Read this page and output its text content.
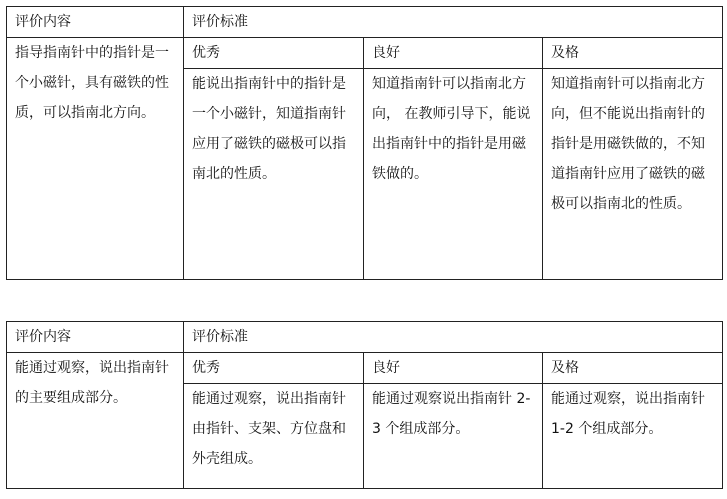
评价内容	评价标准		
指导指南针中的指针是一个小磁针，具有磁铁的性质，可以指南北方向。	优秀	良好	及格
	能说出指南针中的指针是一个小磁针，知道指南针应用了磁铁的磁极可以指南北的性质。	知道指南针可以指南北方向， 在教师引导下，能说出指南针中的指针是用磁铁做的。	知道指南针可以指南北方向，但不能说出指南针的指针是用磁铁做的，不知道指南针应用了磁铁的磁极可以指南北的性质。
评价内容	评价标准		
能通过观察，说出指南针的主要组成部分。	优秀	良好	及格
	能通过观察，说出指南针由指针、支架、方位盘和外壳组成。	能通过观察说出指南针 2-3 个组成部分。	能通过观察，说出指南针 1-2 个组成部分。
